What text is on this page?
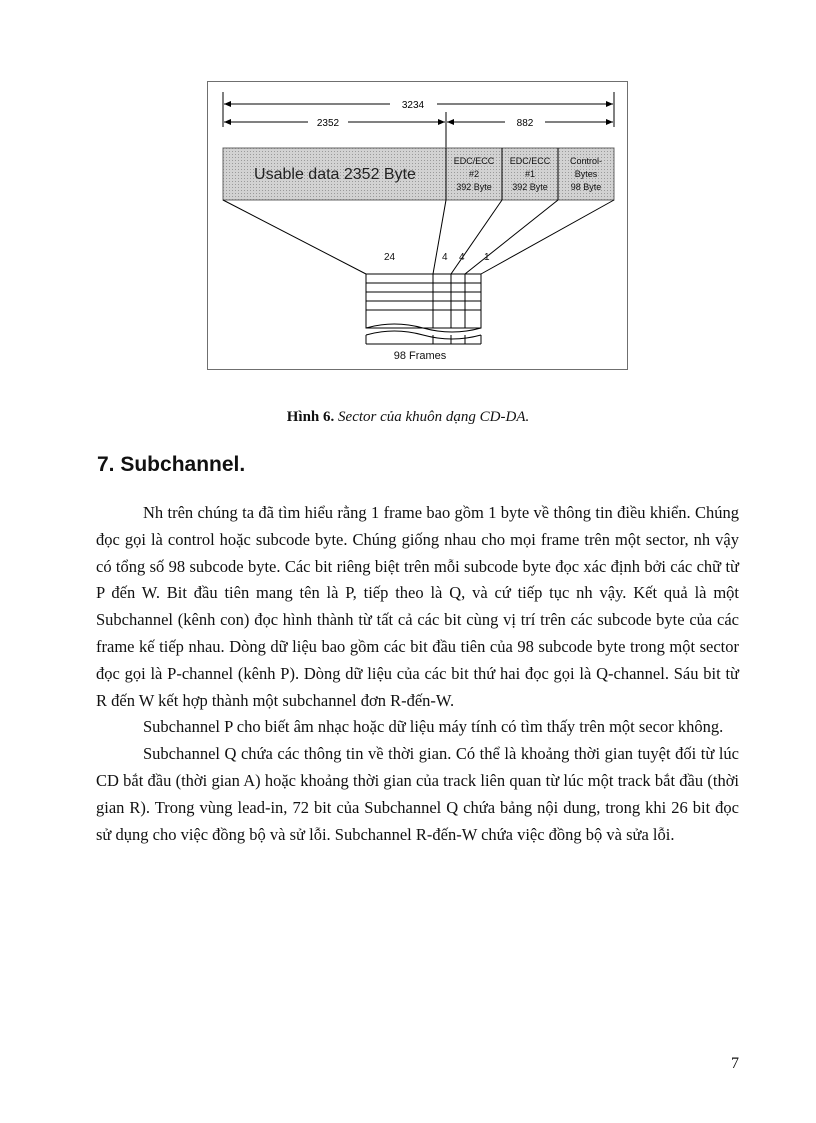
3234
2352	882
Usable data 2352 Byte
EDC/ECC
#2
392 Byte
EDC/ECC
#1
392 Byte
Control-
Bytes
98 Byte
24	4 4 1
98 Frames
Hình 6. Sector của khuôn dạng CD-DA.
7. Subchannel.

Nh trên chúng ta đã tìm hiểu rằng 1 frame bao gồm 1 byte về thông tin điều khiển. Chúng đọc gọi là control hoặc subcode byte. Chúng giống nhau cho mọi frame trên một sector, nh vậy có tổng số 98 subcode byte. Các bit riêng biệt trên mỗi subcode byte đọc xác định bởi các chữ từ P đến W. Bit đầu tiên mang tên là P, tiếp theo là Q, và cứ tiếp tục nh vậy. Kết quả là một Subchannel (kênh con) đọc hình thành từ tất cả các bit cùng vị trí trên các subcode byte của các frame kế tiếp nhau. Dòng dữ liệu bao gồm các bit đầu tiên của 98 subcode byte trong một sector đọc gọi là P-channel (kênh P). Dòng dữ liệu của các bit thứ hai đọc gọi là Q-channel. Sáu bit từ R đến W kết hợp thành một subchannel đơn R-đến-W.

Subchannel P cho biết âm nhạc hoặc dữ liệu máy tính có tìm thấy trên một secor không.

Subchannel Q chứa các thông tin về thời gian. Có thể là khoảng thời gian tuyệt đối từ lúc CD bắt đầu (thời gian A) hoặc khoảng thời gian của track liên quan từ lúc một track bắt đầu (thời gian R). Trong vùng lead-in, 72 bit của Subchannel Q chứa bảng nội dung, trong khi 26 bit đọc sử dụng cho việc đồng bộ và sử lỗi. Subchannel R-đến-W chứa việc đồng bộ và sửa lỗi.

7
